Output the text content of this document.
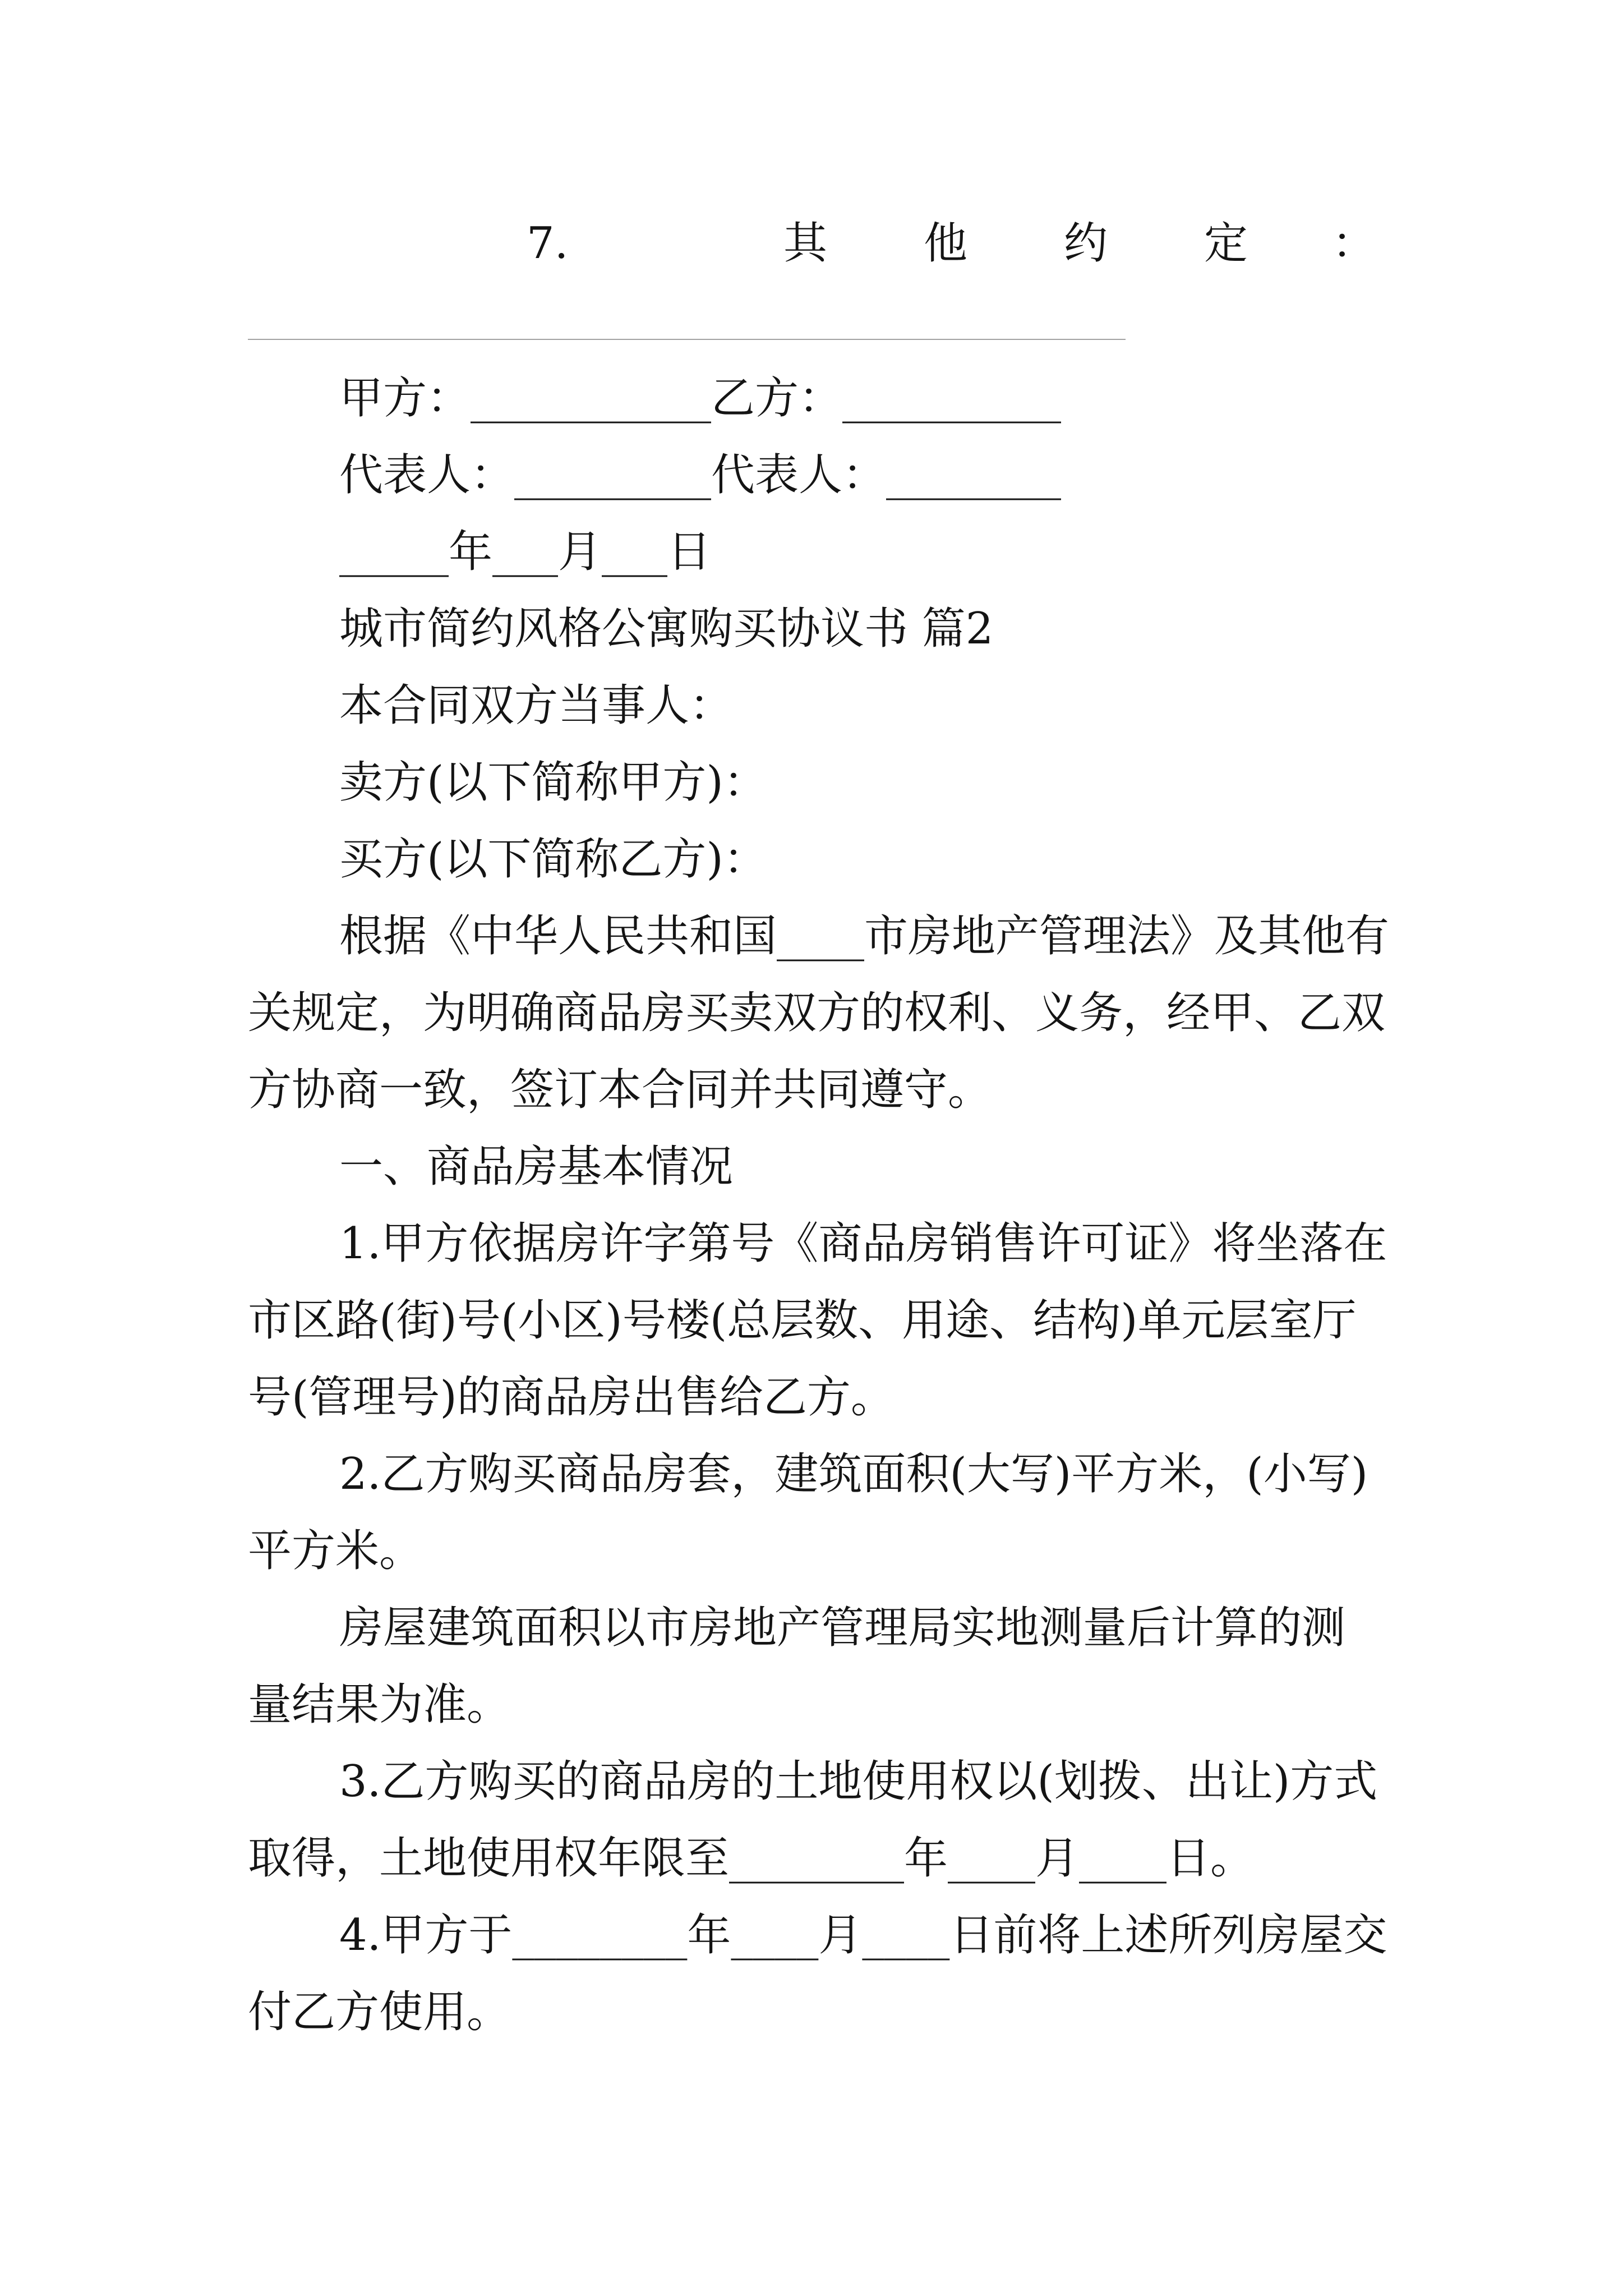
7.	其 他 约 定 ：
甲方：___________乙方：__________
代表人：_________代表人：________
_____年___月___日
城市简约风格公寓购买协议书 篇2
本合同双方当事人：
卖方(以下简称甲方)：
买方(以下简称乙方)：
根据《中华人民共和国____市房地产管理法》及其他有
关规定，为明确商品房买卖双方的权利、义务，经甲、乙双
方协商一致，签订本合同并共同遵守。
一、商品房基本情况
1.甲方依据房许字第号《商品房销售许可证》将坐落在
市区路(街)号(小区)号楼(总层数、用途、结构)单元层室厅
号(管理号)的商品房出售给乙方。
2.乙方购买商品房套，建筑面积(大写)平方米，(小写)
平方米。
房屋建筑面积以市房地产管理局实地测量后计算的测
量结果为准。
3.乙方购买的商品房的土地使用权以(划拨、出让)方式
取得，土地使用权年限至________年____月____日。
4.甲方于________年____月____日前将上述所列房屋交
付乙方使用。
